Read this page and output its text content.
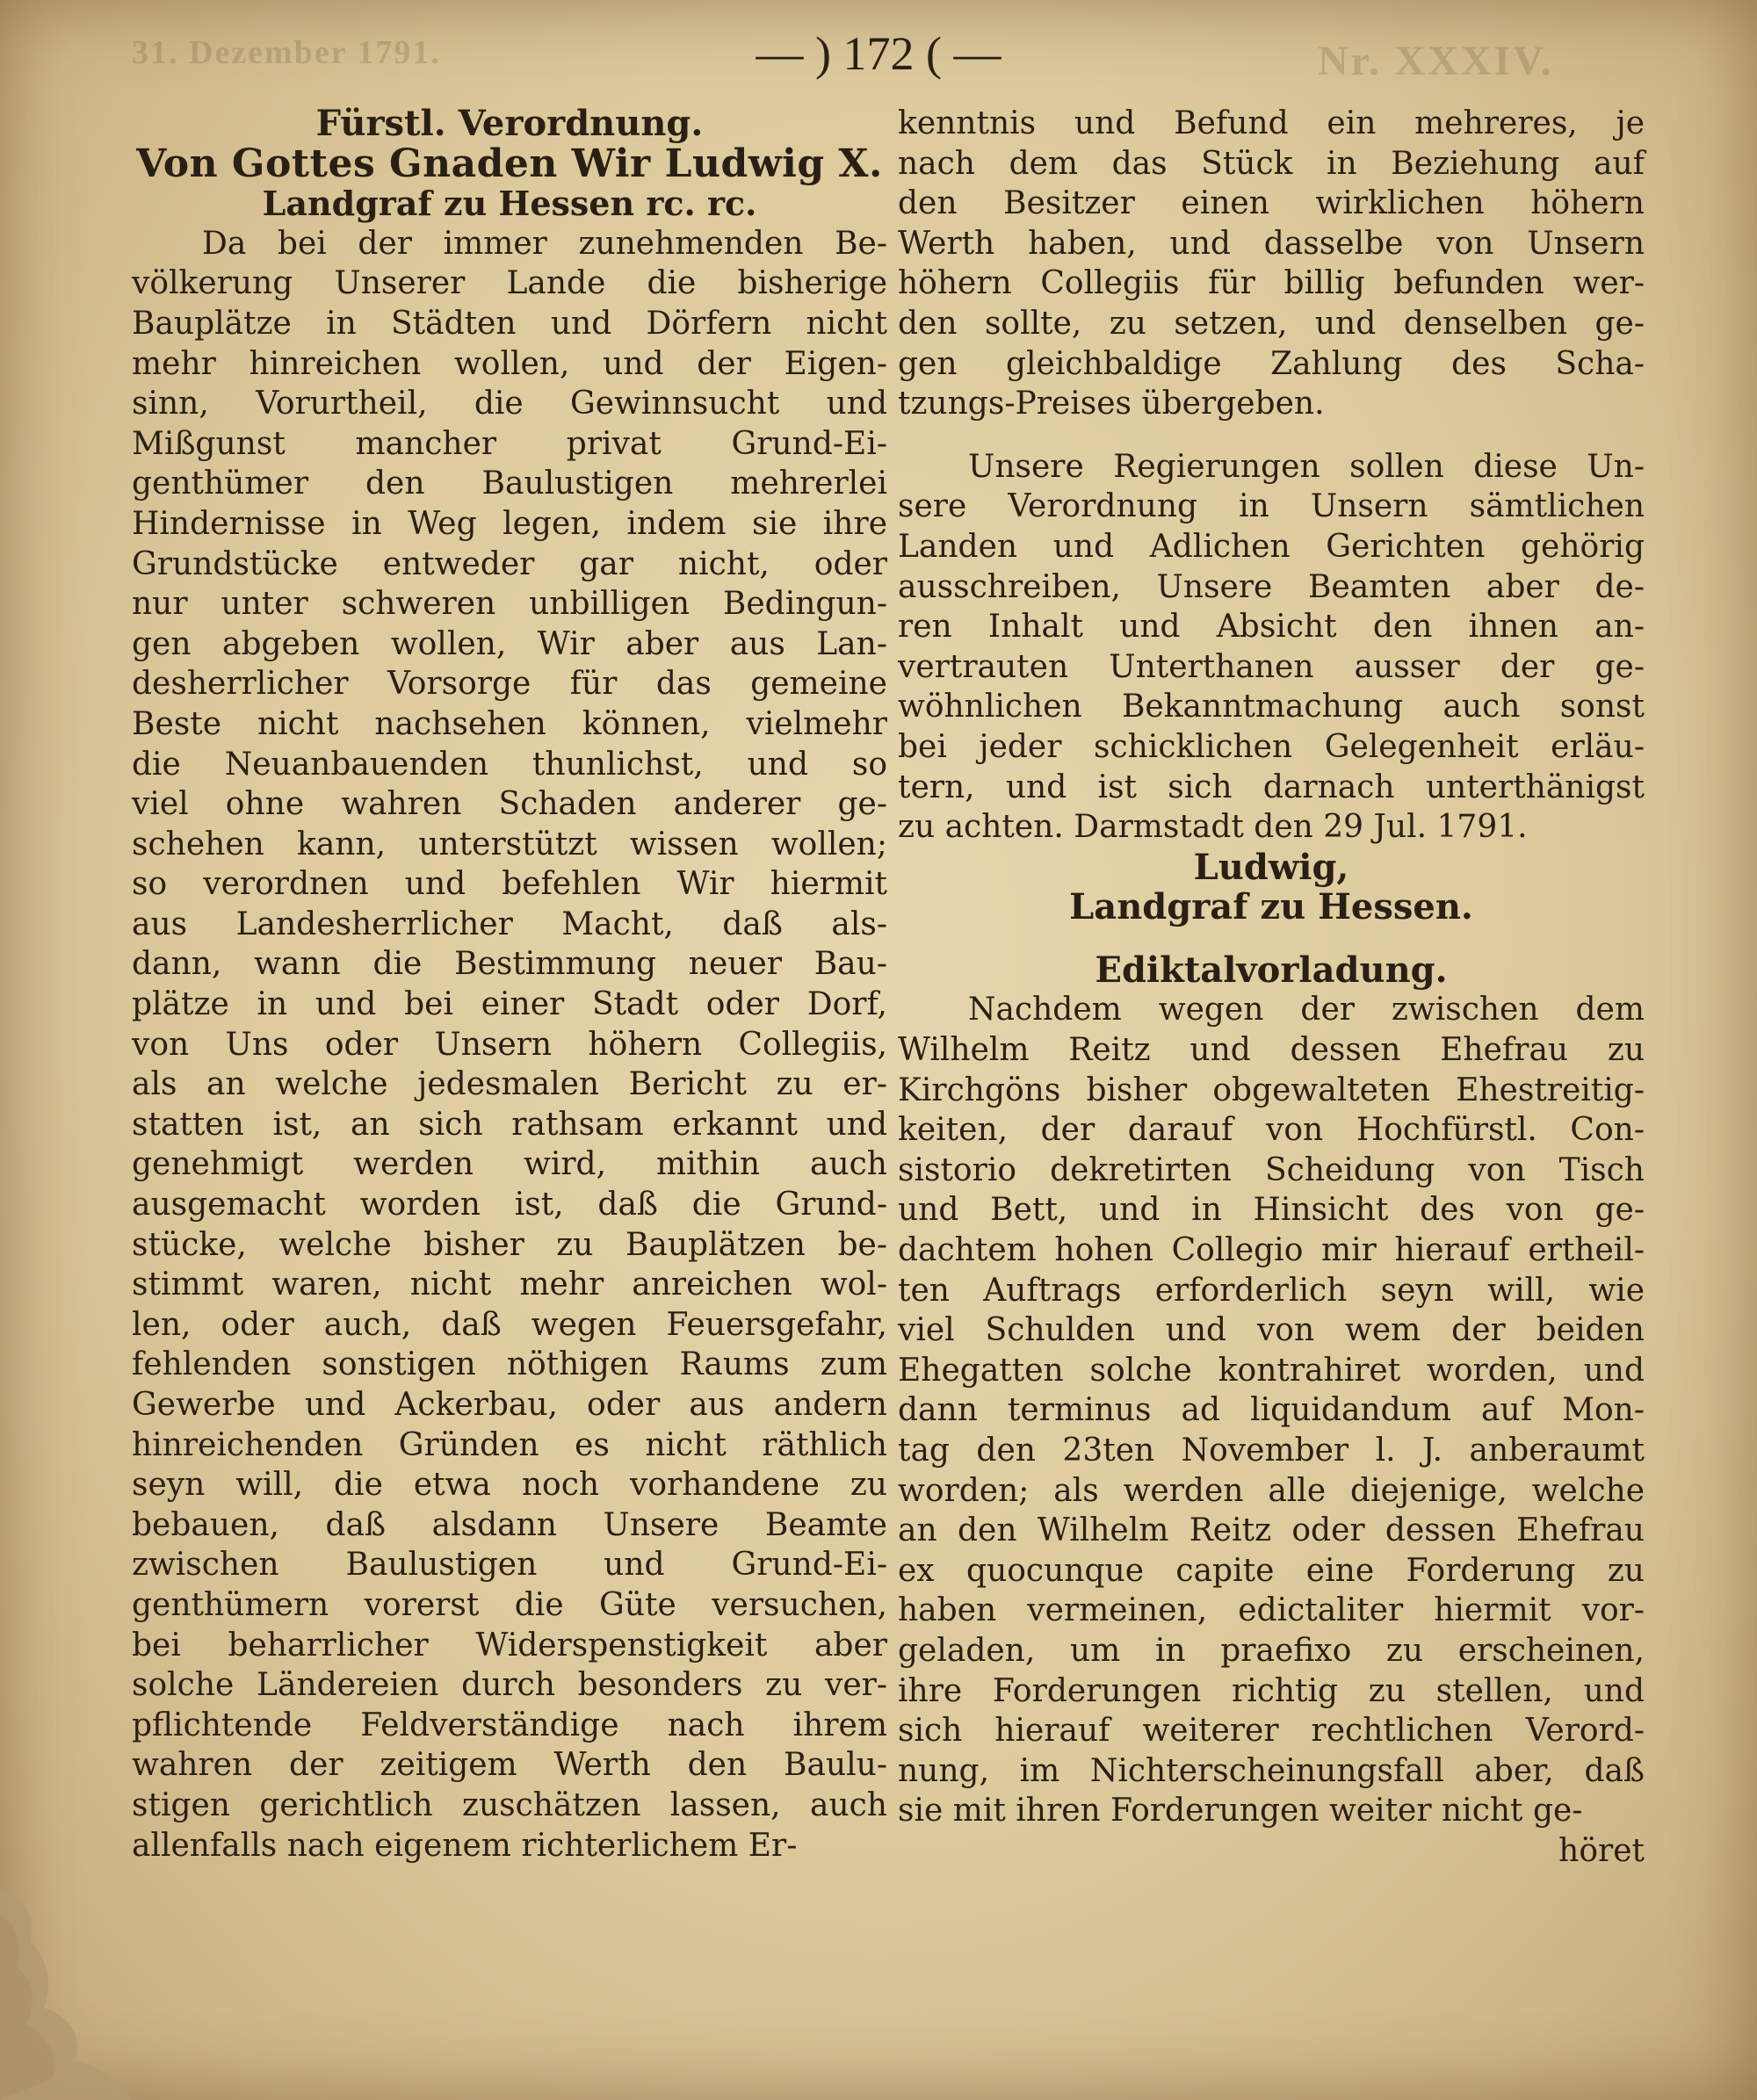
31. Dezember 1791.	— ) 172 ( —	Nr. XXXIV.
Fürstl. Verordnung.
Von Gottes Gnaden Wir Ludwig X.
Landgraf zu Hessen rc. rc.
Da bei der immer zunehmenden Be-
völkerung Unserer Lande die bisherige
Bauplätze in Städten und Dörfern nicht
mehr hinreichen wollen, und der Eigen-
sinn, Vorurtheil, die Gewinnsucht und
Mißgunst mancher privat Grund-Ei-
genthümer den Baulustigen mehrerlei
Hindernisse in Weg legen, indem sie ihre
Grundstücke entweder gar nicht, oder
nur unter schweren unbilligen Bedingun-
gen abgeben wollen, Wir aber aus Lan-
desherrlicher Vorsorge für das gemeine
Beste nicht nachsehen können, vielmehr
die Neuanbauenden thunlichst, und so
viel ohne wahren Schaden anderer ge-
schehen kann, unterstützt wissen wollen;
so verordnen und befehlen Wir hiermit
aus Landesherrlicher Macht, daß als-
dann, wann die Bestimmung neuer Bau-
plätze in und bei einer Stadt oder Dorf,
von Uns oder Unsern höhern Collegiis,
als an welche jedesmalen Bericht zu er-
statten ist, an sich rathsam erkannt und
genehmigt werden wird, mithin auch
ausgemacht worden ist, daß die Grund-
stücke, welche bisher zu Bauplätzen be-
stimmt waren, nicht mehr anreichen wol-
len, oder auch, daß wegen Feuersgefahr,
fehlenden sonstigen nöthigen Raums zum
Gewerbe und Ackerbau, oder aus andern
hinreichenden Gründen es nicht räthlich
seyn will, die etwa noch vorhandene zu
bebauen, daß alsdann Unsere Beamte
zwischen Baulustigen und Grund-Ei-
genthümern vorerst die Güte versuchen,
bei beharrlicher Widerspenstigkeit aber
solche Ländereien durch besonders zu ver-
pflichtende Feldverständige nach ihrem
wahren der zeitigem Werth den Baulu-
stigen gerichtlich zuschätzen lassen, auch
allenfalls nach eigenem richterlichem Er-
kenntnis und Befund ein mehreres, je
nach dem das Stück in Beziehung auf
den Besitzer einen wirklichen höhern
Werth haben, und dasselbe von Unsern
höhern Collegiis für billig befunden wer-
den sollte, zu setzen, und denselben ge-
gen gleichbaldige Zahlung des Scha-
tzungs-Preises übergeben.
Unsere Regierungen sollen diese Un-
sere Verordnung in Unsern sämtlichen
Landen und Adlichen Gerichten gehörig
ausschreiben, Unsere Beamten aber de-
ren Inhalt und Absicht den ihnen an-
vertrauten Unterthanen ausser der ge-
wöhnlichen Bekanntmachung auch sonst
bei jeder schicklichen Gelegenheit erläu-
tern, und ist sich darnach unterthänigst
zu achten. Darmstadt den 29 Jul. 1791.
Ludwig,
Landgraf zu Hessen.
Ediktalvorladung.
Nachdem wegen der zwischen dem
Wilhelm Reitz und dessen Ehefrau zu
Kirchgöns bisher obgewalteten Ehestreitig-
keiten, der darauf von Hochfürstl. Con-
sistorio dekretirten Scheidung von Tisch
und Bett, und in Hinsicht des von ge-
dachtem hohen Collegio mir hierauf ertheil-
ten Auftrags erforderlich seyn will, wie
viel Schulden und von wem der beiden
Ehegatten solche kontrahiret worden, und
dann terminus ad liquidandum auf Mon-
tag den 23ten November l. J. anberaumt
worden; als werden alle diejenige, welche
an den Wilhelm Reitz oder dessen Ehefrau
ex quocunque capite eine Forderung zu
haben vermeinen, edictaliter hiermit vor-
geladen, um in praefixo zu erscheinen,
ihre Forderungen richtig zu stellen, und
sich hierauf weiterer rechtlichen Verord-
nung, im Nichterscheinungsfall aber, daß
sie mit ihren Forderungen weiter nicht ge-
höret
